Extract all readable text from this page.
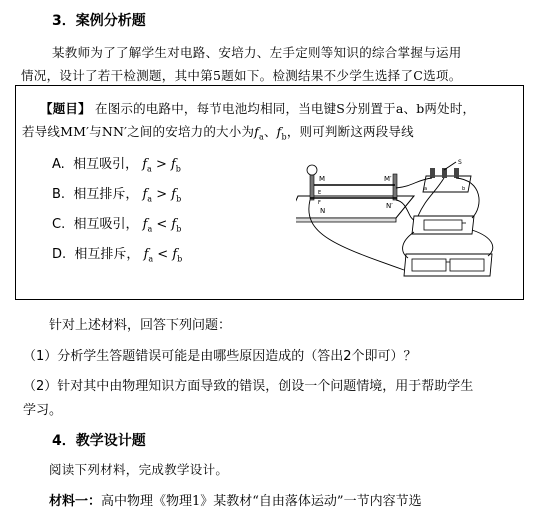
3．案例分析题
某教师为了了解学生对电路、安培力、左手定则等知识的综合掌握与运用
情况，设计了若干检测题，其中第5题如下。检测结果不少学生选择了C选项。
【题目】 在图示的电路中，每节电池均相同，当电键S分别置于a、b两处时，
若导线MM′与NN′之间的安培力的大小为$f_a$、$f_b$，则可判断这两段导线
A. 相互吸引， $f_a > f_b$
B. 相互排斥， $f_a > f_b$
C. 相互吸引， $f_a < f_b$
D. 相互排斥， $f_a < f_b$
M	M′
E
F
N
N′
S
a	b
针对上述材料，回答下列问题：
（1）分析学生答题错误可能是由哪些原因造成的（答出2个即可）？
（2）针对其中由物理知识方面导致的错误，创设一个问题情境，用于帮助学生
学习。
4．教学设计题
阅读下列材料，完成教学设计。
材料一：高中物理《物理1》某教材“自由落体运动”一节内容节选
